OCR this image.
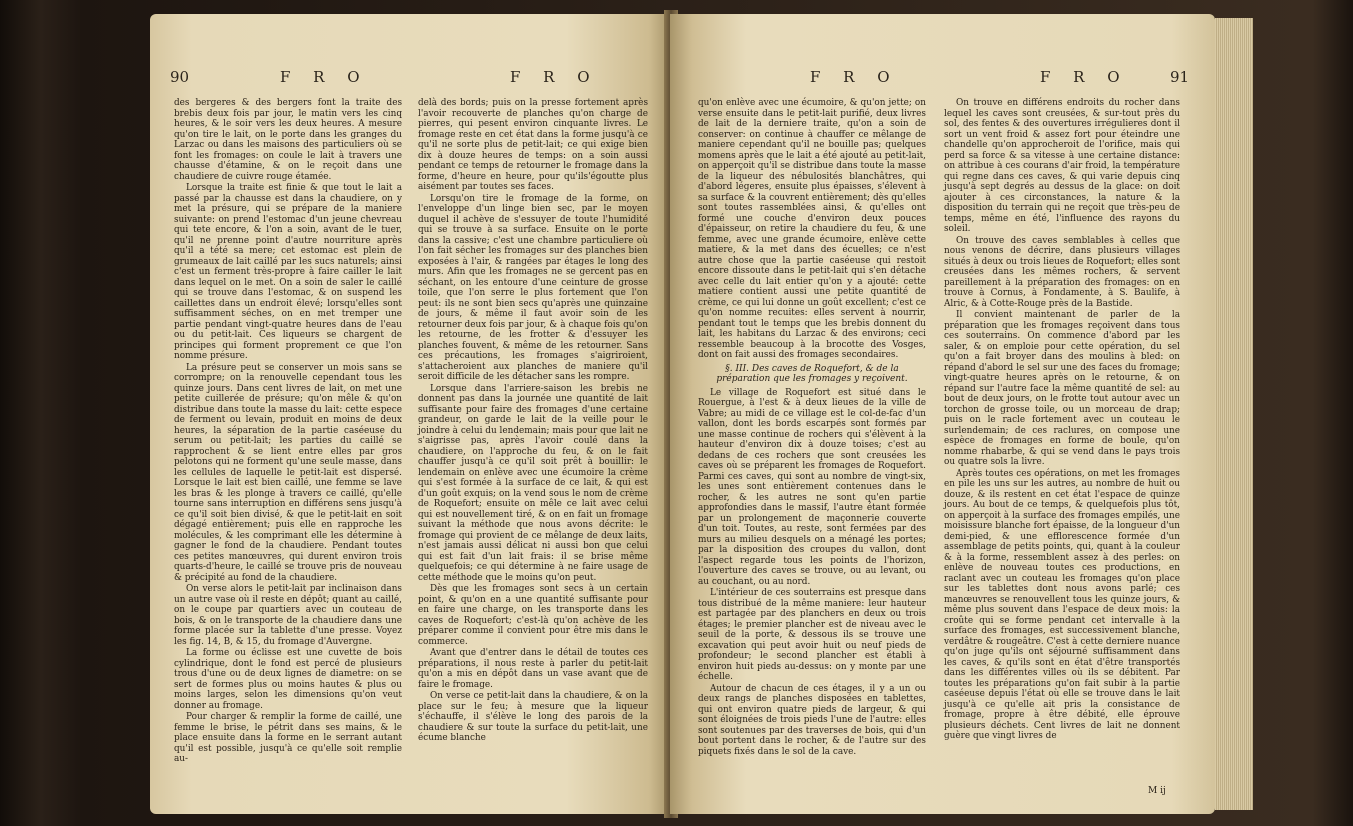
90	F R O	F R O

des bergeres & des bergers font la traite des brebis deux fois par jour, le matin vers les cinq heures, & le soir vers les deux heures. A mesure qu'on tire le lait, on le porte dans les granges du Larzac ou dans les maisons des particuliers où se font les fromages: on coule le lait à travers une chausse d'étamine, & on le reçoit dans une chaudiere de cuivre rouge étamée.

Lorsque la traite est finie & que tout le lait a passé par la chausse est dans la chaudiere, on y met la présure, qui se prépare de la maniere suivante: on prend l'estomac d'un jeune chevreau qui tete encore, & l'on a soin, avant de le tuer, qu'il ne prenne point d'autre nourriture après qu'il a tété sa mere; cet estomac est plein de grumeaux de lait caillé par les sucs naturels; ainsi c'est un ferment très-propre à faire cailler le lait dans lequel on le met. On a soin de saler le caillé qui se trouve dans l'estomac, & on suspend les caillettes dans un endroit élevé; lorsqu'elles sont suffisamment séches, on en met tremper une partie pendant vingt-quatre heures dans de l'eau ou du petit-lait. Ces liqueurs se chargent de principes qui forment proprement ce que l'on nomme présure.

La présure peut se conserver un mois sans se corrompre; on la renouvelle cependant tous les quinze jours. Dans cent livres de lait, on met une petite cuillerée de présure; qu'on mêle & qu'on distribue dans toute la masse du lait: cette espece de ferment ou levain, produit en moins de deux heures, la séparation de la partie caséeuse du serum ou petit-lait; les parties du caillé se rapprochent & se lient entre elles par gros pelotons qui ne forment qu'une seule masse, dans les cellules de laquelle le petit-lait est dispersé. Lorsque le lait est bien caillé, une femme se lave les bras & les plonge à travers ce caillé, qu'elle tourne sans interruption en différens sens jusqu'à ce qu'il soit bien divisé, & que le petit-lait en soit dégagé entièrement; puis elle en rapproche les molécules, & les comprimant elle les détermine à gagner le fond de la chaudiere. Pendant toutes ces petites manœuvres, qui durent environ trois quarts-d'heure, le caillé se trouve pris de nouveau & précipité au fond de la chaudiere.

On verse alors le petit-lait par inclinaison dans un autre vase où il reste en dépôt; quant au caillé, on le coupe par quartiers avec un couteau de bois, & on le transporte de la chaudiere dans une forme placée sur la tablette d'une presse. Voyez les fig. 14, B, & 15, du fromage d'Auvergne.

La forme ou éclisse est une cuvette de bois cylindrique, dont le fond est percé de plusieurs trous d'une ou de deux lignes de diametre: on se sert de formes plus ou moins hautes & plus ou moins larges, selon les dimensions qu'on veut donner au fromage.

Pour charger & remplir la forme de caillé, une femme le brise, le pétrit dans ses mains, & le place ensuite dans la forme en le serrant autant qu'il est possible, jusqu'à ce qu'elle soit remplie au-

delà des bords; puis on la presse fortement après l'avoir recouverte de planches qu'on charge de pierres, qui pesent environ cinquante livres. Le fromage reste en cet état dans la forme jusqu'à ce qu'il ne sorte plus de petit-lait; ce qui exige bien dix à douze heures de temps: on a soin aussi pendant ce temps de retourner le fromage dans la forme, d'heure en heure, pour qu'ils'égoutte plus aisément par toutes ses faces.

Lorsqu'on tire le fromage de la forme, on l'enveloppe d'un linge bien sec, par le moyen duquel il achève de s'essuyer de toute l'humidité qui se trouve à sa surface. Ensuite on le porte dans la cassive; c'est une chambre particuliere où l'on fait sécher les fromages sur des planches bien exposées à l'air, & rangées par étages le long des murs. Afin que les fromages ne se gercent pas en séchant, on les entoure d'une ceinture de grosse toile, que l'on serre le plus fortement que l'on peut: ils ne sont bien secs qu'après une quinzaine de jours, & même il faut avoir soin de les retourner deux fois par jour, & à chaque fois qu'on les retourne, de les frotter & d'essuyer les planches fouvent, & même de les retourner. Sans ces précautions, les fromages s'aigriroient, s'attacheroient aux planches de maniere qu'il seroit difficile de les détacher sans les rompre.

Lorsque dans l'arriere-saison les brebis ne donnent pas dans la journée une quantité de lait suffisante pour faire des fromages d'une certaine grandeur, on garde le lait de la veille pour le joindre à celui du lendemain; mais pour que lait ne s'aigrisse pas, après l'avoir coulé dans la chaudiere, on l'approche du feu, & on le fait chauffer jusqu'à ce qu'il soit prêt à bouillir: le lendemain on enlève avec une écumoire la crème qui s'est formée à la surface de ce lait, & qui est d'un goût exquis; on la vend sous le nom de crème de Roquefort; ensuite on mêle ce lait avec celui qui est nouvellement tiré, & on en fait un fromage suivant la méthode que nous avons décrite: le fromage qui provient de ce mêlange de deux laits, n'est jamais aussi délicat ni aussi bon que celui qui est fait d'un lait frais: il se brise même quelquefois; ce qui détermine à ne faire usage de cette méthode que le moins qu'on peut.

Dès que les fromages sont secs à un certain point, & qu'on en a une quantité suffisante pour en faire une charge, on les transporte dans les caves de Roquefort; c'est-là qu'on achève de les préparer comme il convient pour être mis dans le commerce.

Avant que d'entrer dans le détail de toutes ces préparations, il nous reste à parler du petit-lait qu'on a mis en dépôt dans un vase avant que de faire le fromage.

On verse ce petit-lait dans la chaudiere, & on la place sur le feu; à mesure que la liqueur s'échauffe, il s'élève le long des parois de la chaudiere & sur toute la surface du petit-lait, une écume blanche

F R O	F R O	91

qu'on enlève avec une écumoire, & qu'on jette; on verse ensuite dans le petit-lait purifié, deux livres de lait de la derniere traite, qu'on a soin de conserver: on continue à chauffer ce mêlange de maniere cependant qu'il ne bouille pas; quelques momens après que le lait a été ajouté au petit-lait, on apperçoit qu'il se distribue dans toute la masse de la liqueur des nébulosités blanchâtres, qui d'abord légeres, ensuite plus épaisses, s'élevent à sa surface & la couvrent entièrement; dès qu'elles sont toutes rassemblées ainsi, & qu'elles ont formé une couche d'environ deux pouces d'épaisseur, on retire la chaudiere du feu, & une femme, avec une grande écumoire, enlève cette matiere, & la met dans des écuelles; ce n'est autre chose que la partie caséeuse qui restoit encore dissoute dans le petit-lait qui s'en détache avec celle du lait entier qu'on y a ajouté: cette matiere contient aussi une petite quantité de crème, ce qui lui donne un goût excellent; c'est ce qu'on nomme recuites: elles servent à nourrir, pendant tout le temps que les brebis donnent du lait, les habitans du Larzac & des environs; ceci ressemble beaucoup à la brocotte des Vosges, dont on fait aussi des fromages secondaires.

§. III. Des caves de Roquefort, & de la préparation que les fromages y reçoivent.

Le village de Roquefort est situé dans le Rouergue, à l'est & à deux lieues de la ville de Vabre; au midi de ce village est le col-de-fac d'un vallon, dont les bords escarpés sont formés par une masse continue de rochers qui s'élèvent à la hauteur d'environ dix à douze toises; c'est au dedans de ces rochers que sont creusées les caves où se préparent les fromages de Roquefort. Parmi ces caves, qui sont au nombre de vingt-six, les unes sont entièrement contenues dans le rocher, & les autres ne sont qu'en partie approfondies dans le massif, l'autre étant formée par un prolongement de maçonnerie couverte d'un toit. Toutes, au reste, sont fermées par des murs au milieu desquels on a ménagé les portes; par la disposition des croupes du vallon, dont l'aspect regarde tous les points de l'horizon, l'ouverture des caves se trouve, ou au levant, ou au couchant, ou au nord.

L'intérieur de ces souterrains est presque dans tous distribué de la même maniere: leur hauteur est partagée par des planchers en deux ou trois étages; le premier plancher est de niveau avec le seuil de la porte, & dessous ils se trouve une excavation qui peut avoir huit ou neuf pieds de profondeur; le second plancher est établi à environ huit pieds au-dessus: on y monte par une échelle.

Autour de chacun de ces étages, il y a un ou deux rangs de planches disposées en tablettes, qui ont environ quatre pieds de largeur, & qui sont éloignées de trois pieds l'une de l'autre: elles sont soutenues par des traverses de bois, qui d'un bout portent dans le rocher, & de l'autre sur des piquets fixés dans le sol de la cave.

On trouve en différens endroits du rocher dans lequel les caves sont creusées, & sur-tout près du sol, des fentes & des ouvertures irrégulieres dont il sort un vent froid & assez fort pour éteindre une chandelle qu'on approcheroit de l'orifice, mais qui perd sa force & sa vitesse à une certaine distance: on attribue à ces courans d'air froid, la température qui regne dans ces caves, & qui varie depuis cinq jusqu'à sept degrés au dessus de la glace: on doit ajouter à ces circonstances, la nature & la disposition du terrain qui ne reçoit que très-peu de temps, même en été, l'influence des rayons du soleil.

On trouve des caves semblables à celles que nous venons de décrire, dans plusieurs villages situés à deux ou trois lieues de Roquefort; elles sont creusées dans les mêmes rochers, & servent pareillement à la préparation des fromages: on en trouve à Cornus, à Fondamente, à S. Baulife, à Alric, & à Cotte-Rouge près de la Bastide.

Il convient maintenant de parler de la préparation que les fromages reçoivent dans tous ces souterrains. On commence d'abord par les saler, & on emploie pour cette opération, du sel qu'on a fait broyer dans des moulins à bled: on répand d'abord le sel sur une des faces du fromage; vingt-quatre heures après on le retourne, & on répand sur l'autre face la même quantité de sel: au bout de deux jours, on le frotte tout autour avec un torchon de grosse toile, ou un morceau de drap; puis on le racle fortement avec un couteau le surlendemain; de ces raclures, on compose une espèce de fromages en forme de boule, qu'on nomme rhabarbe, & qui se vend dans le pays trois ou quatre sols la livre.

Après toutes ces opérations, on met les fromages en pile les uns sur les autres, au nombre de huit ou douze, & ils restent en cet état l'espace de quinze jours. Au bout de ce temps, & quelquefois plus tôt, on apperçoit à la surface des fromages empilés, une moisissure blanche fort épaisse, de la longueur d'un demi-pied, & une efflorescence formée d'un assemblage de petits points, qui, quant à la couleur & à la forme, ressemblent assez à des perles: on enlève de nouveau toutes ces productions, en raclant avec un couteau les fromages qu'on place sur les tablettes dont nous avons parlé; ces manœuvres se renouvellent tous les quinze jours, & même plus souvent dans l'espace de deux mois: la croûte qui se forme pendant cet intervalle à la surface des fromages, est successivement blanche, verdâtre & rougeâtre. C'est à cette derniere nuance qu'on juge qu'ils ont séjourné suffisamment dans les caves, & qu'ils sont en état d'être transportés dans les différentes villes où ils se débitent. Par toutes les préparations qu'on fait subir à la partie caséeuse depuis l'état où elle se trouve dans le lait jusqu'à ce qu'elle ait pris la consistance de fromage, propre à être débité, elle éprouve plusieurs déchets. Cent livres de lait ne donnent guère que vingt livres de

M ij
